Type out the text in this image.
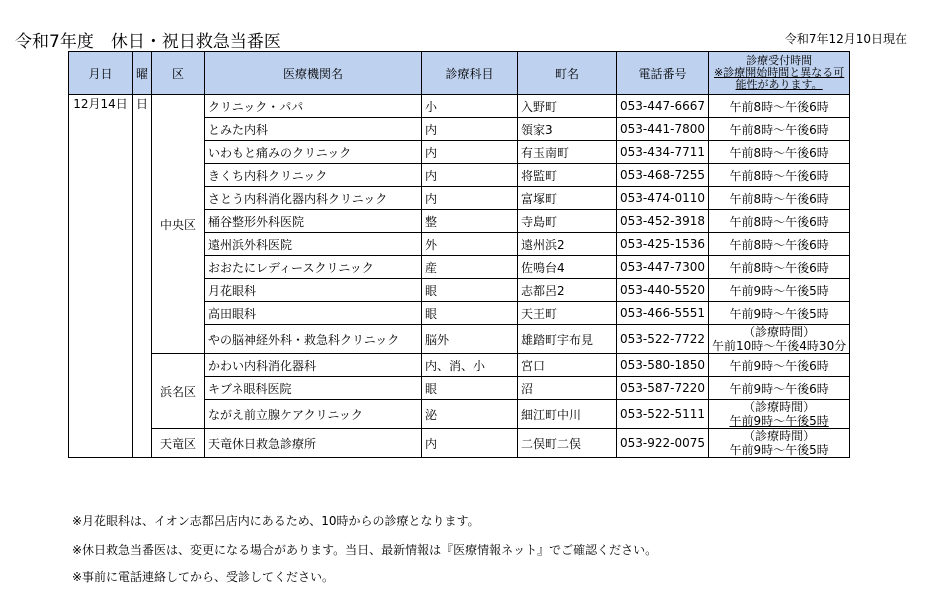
令和7年度　休日・祝日救急当番医	令和7年12月10日現在
月日	曜	区	医療機関名	診療科目	町名	電話番号	診療受付時間
※診療開始時間と異なる可能性があります。

12月14日	日	中央区	クリニック・パパ	小	入野町	053-447-6667	午前8時～午後6時
			とみた内科	内	領家3	053-441-7800	午前8時～午後6時
			いわもと痛みのクリニック	内	有玉南町	053-434-7711	午前8時～午後6時
			きくち内科クリニック	内	将監町	053-468-7255	午前8時～午後6時
			さとう内科消化器内科クリニック	内	富塚町	053-474-0110	午前8時～午後6時
			桶谷整形外科医院	整	寺島町	053-452-3918	午前8時～午後6時
			遠州浜外科医院	外	遠州浜2	053-425-1536	午前8時～午後6時
			おおたにレディースクリニック	産	佐鳴台4	053-447-7300	午前8時～午後6時
			月花眼科	眼	志都呂2	053-440-5520	午前9時～午後5時
			高田眼科	眼	天王町	053-466-5551	午前9時～午後5時
			やの脳神経外科・救急科クリニック	脳外	雄踏町宇布見	053-522-7722	（診療時間）
午前10時～午後4時30分

		浜名区	かわい内科消化器科	内、消、小	宮口	053-580-1850	午前9時～午後6時
			キブネ眼科医院	眼	沼	053-587-7220	午前9時～午後6時
			ながえ前立腺ケアクリニック	泌	細江町中川	053-522-5111	（診療時間）
午前9時～午後5時

		天竜区	天竜休日救急診療所	内	二俣町二俣	053-922-0075	（診療時間）
午前9時～午後5時
※月花眼科は、イオン志都呂店内にあるため、10時からの診療となります。
※休日救急当番医は、変更になる場合があります。当日、最新情報は『医療情報ネット』でご確認ください。
※事前に電話連絡してから、受診してください。
